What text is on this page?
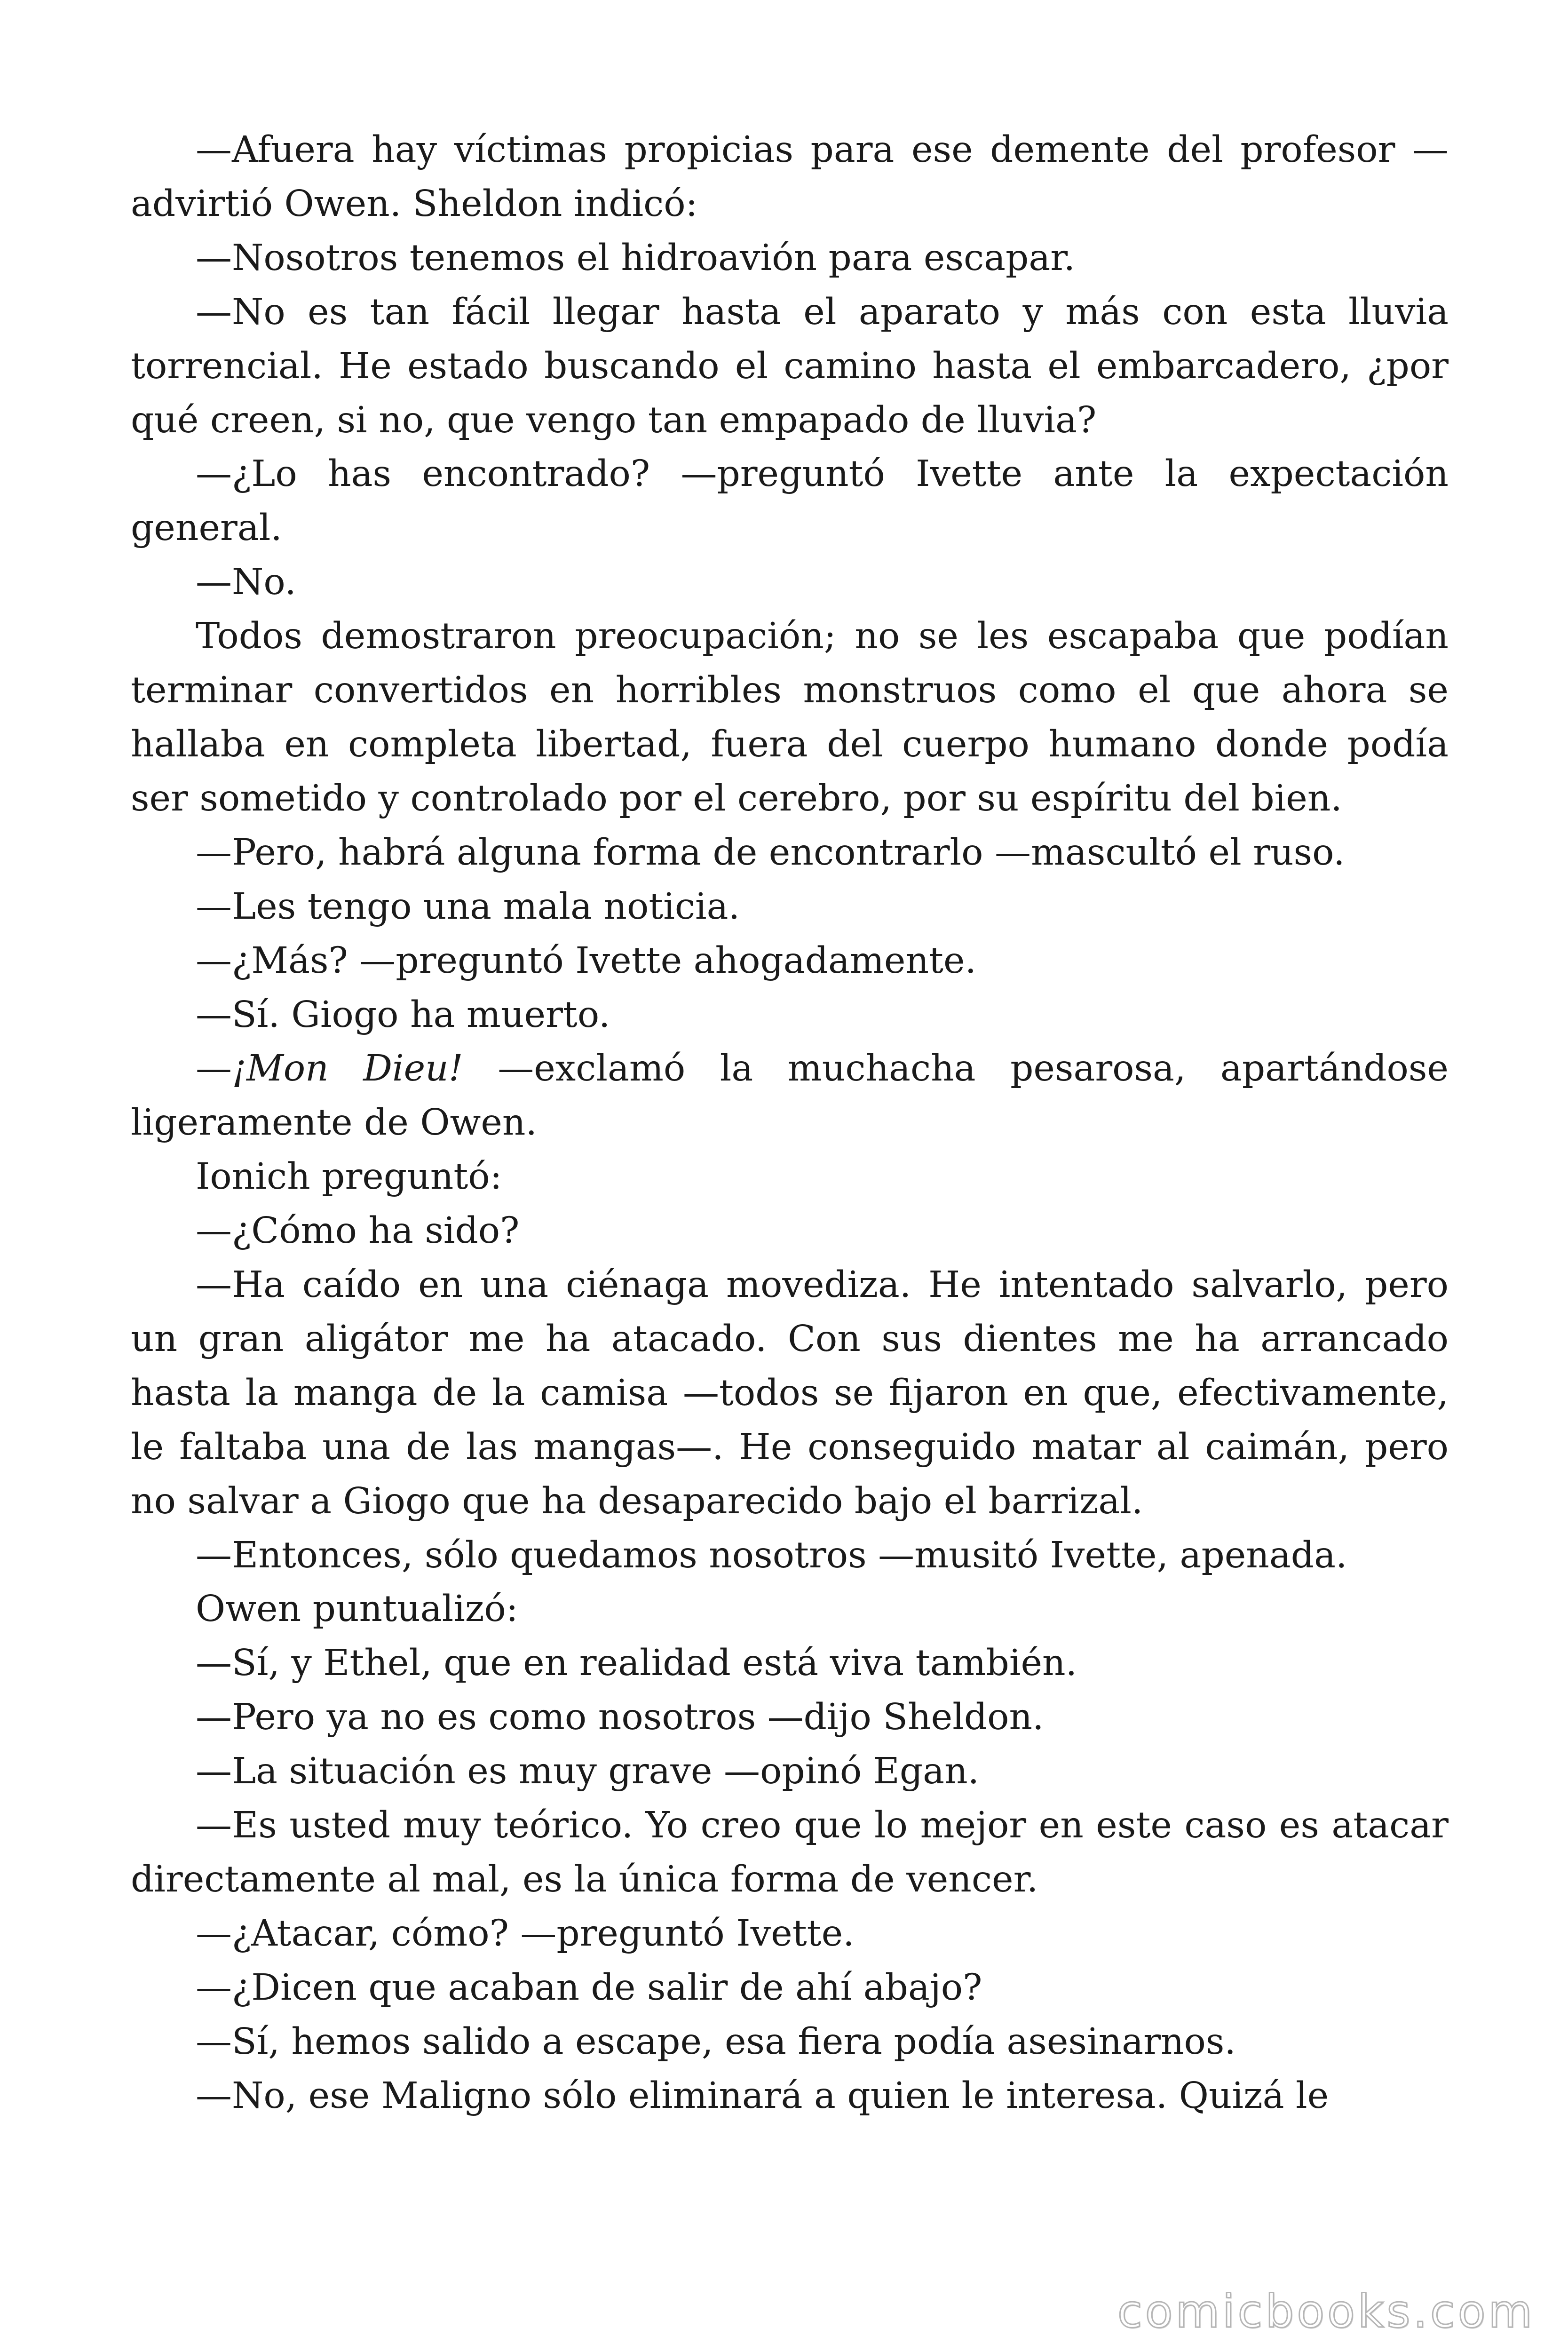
—Afuera hay víctimas propicias para ese demente del profesor —advirtió Owen. Sheldon indicó:

—Nosotros tenemos el hidroavión para escapar.

—No es tan fácil llegar hasta el aparato y más con esta lluvia torrencial. He estado buscando el camino hasta el embarcadero, ¿por qué creen, si no, que vengo tan empapado de lluvia?

—¿Lo has encontrado? —preguntó Ivette ante la expectación general.

—No.

Todos demostraron preocupación; no se les escapaba que podían terminar convertidos en horribles monstruos como el que ahora se hallaba en completa libertad, fuera del cuerpo humano donde podía ser sometido y controlado por el cerebro, por su espíritu del bien.

—Pero, habrá alguna forma de encontrarlo —mascultó el ruso.

—Les tengo una mala noticia.

—¿Más? —preguntó Ivette ahogadamente.

—Sí. Giogo ha muerto.

—¡Mon Dieu! —exclamó la muchacha pesarosa, apartándose ligeramente de Owen.

Ionich preguntó:

—¿Cómo ha sido?

—Ha caído en una ciénaga movediza. He intentado salvarlo, pero un gran aligátor me ha atacado. Con sus dientes me ha arrancado hasta la manga de la camisa —todos se fijaron en que, efectivamente, le faltaba una de las mangas—. He conseguido matar al caimán, pero no salvar a Giogo que ha desaparecido bajo el barrizal.

—Entonces, sólo quedamos nosotros —musitó Ivette, apenada.

Owen puntualizó:

—Sí, y Ethel, que en realidad está viva también.

—Pero ya no es como nosotros —dijo Sheldon.

—La situación es muy grave —opinó Egan.

—Es usted muy teórico. Yo creo que lo mejor en este caso es atacar directamente al mal, es la única forma de vencer.

—¿Atacar, cómo? —preguntó Ivette.

—¿Dicen que acaban de salir de ahí abajo?

—Sí, hemos salido a escape, esa fiera podía asesinarnos.

—No, ese Maligno sólo eliminará a quien le interesa. Quizá le

comicbooks.com
